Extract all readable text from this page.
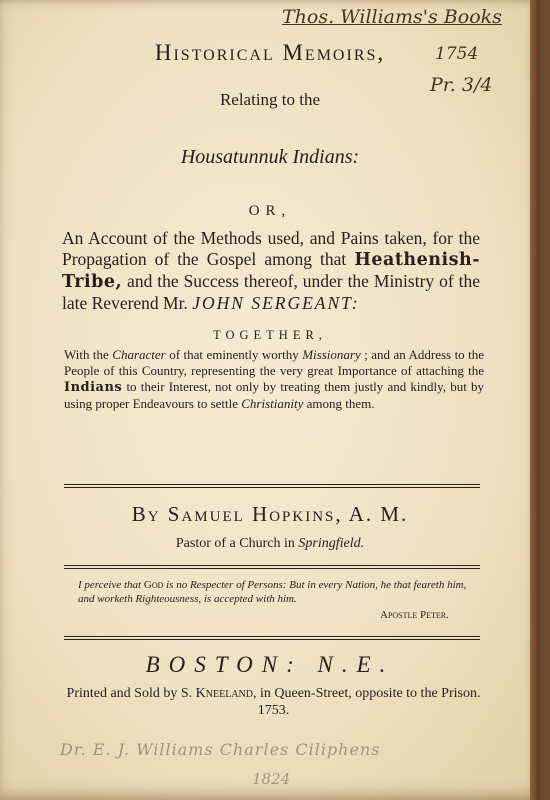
Thos. Williams's Books
1754
Pr. 3/4
Historical Memoirs,
Relating to the
Housatunnuk Indians:
OR,
An Account of the Methods used, and Pains taken, for the Propagation of the Gospel among that Heathenish-Tribe, and the Success thereof, under the Ministry of the late Reverend Mr. JOHN SERGEANT:
TOGETHER,
With the Character of that eminently worthy Missionary ; and an Address to the People of this Country, representing the very great Importance of attaching the Indians to their Interest, not only by treating them justly and kindly, but by using proper Endeavours to settle Christianity among them.
By Samuel Hopkins, A. M.
Pastor of a Church in Springfield.
I perceive that God is no Respecter of Persons: But in every Nation, he that feareth him, and worketh Righteousness, is accepted with him.
Apostle Peter.
BOSTON: N.E.
Printed and Sold by S. Kneeland, in Queen-Street, opposite to the Prison. 1753.
Dr. E. J. Williams Charles Ciliphens
1824
